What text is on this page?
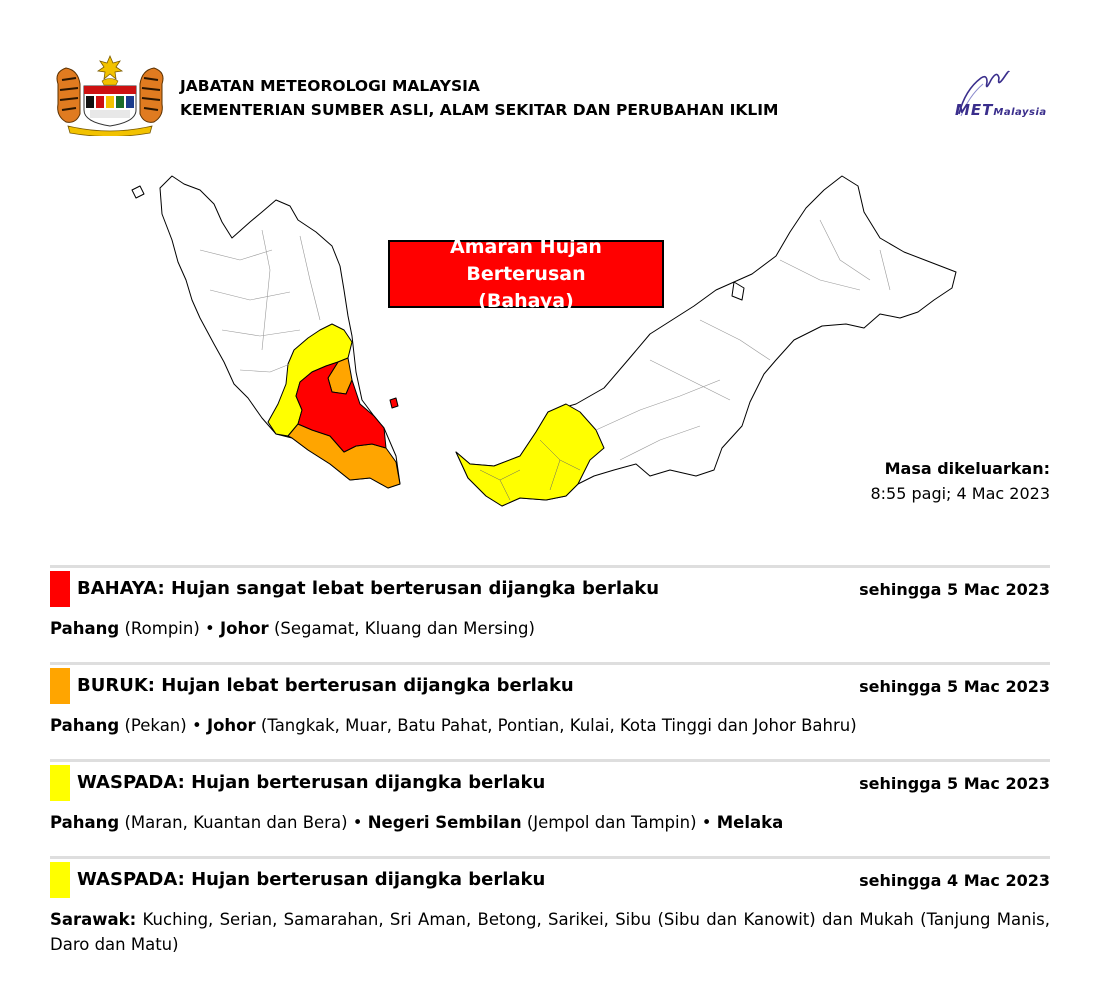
JABATAN METEOROLOGI MALAYSIA
KEMENTERIAN SUMBER ASLI, ALAM SEKITAR DAN PERUBAHAN IKLIM	METMalaysia
Amaran Hujan Berterusan
(Bahaya)
Masa dikeluarkan:
8:55 pagi; 4 Mac 2023
BAHAYA: Hujan sangat lebat berterusan dijangka berlaku	sehingga 5 Mac 2023
Pahang (Rompin) • Johor (Segamat, Kluang dan Mersing)
BURUK: Hujan lebat berterusan dijangka berlaku	sehingga 5 Mac 2023
Pahang (Pekan) • Johor (Tangkak, Muar, Batu Pahat, Pontian, Kulai, Kota Tinggi dan Johor Bahru)
WASPADA: Hujan berterusan dijangka berlaku	sehingga 5 Mac 2023
Pahang (Maran, Kuantan dan Bera) • Negeri Sembilan (Jempol dan Tampin) • Melaka
WASPADA: Hujan berterusan dijangka berlaku	sehingga 4 Mac 2023
Sarawak: Kuching, Serian, Samarahan, Sri Aman, Betong, Sarikei, Sibu (Sibu dan Kanowit) dan Mukah (Tanjung Manis, Daro dan Matu)
